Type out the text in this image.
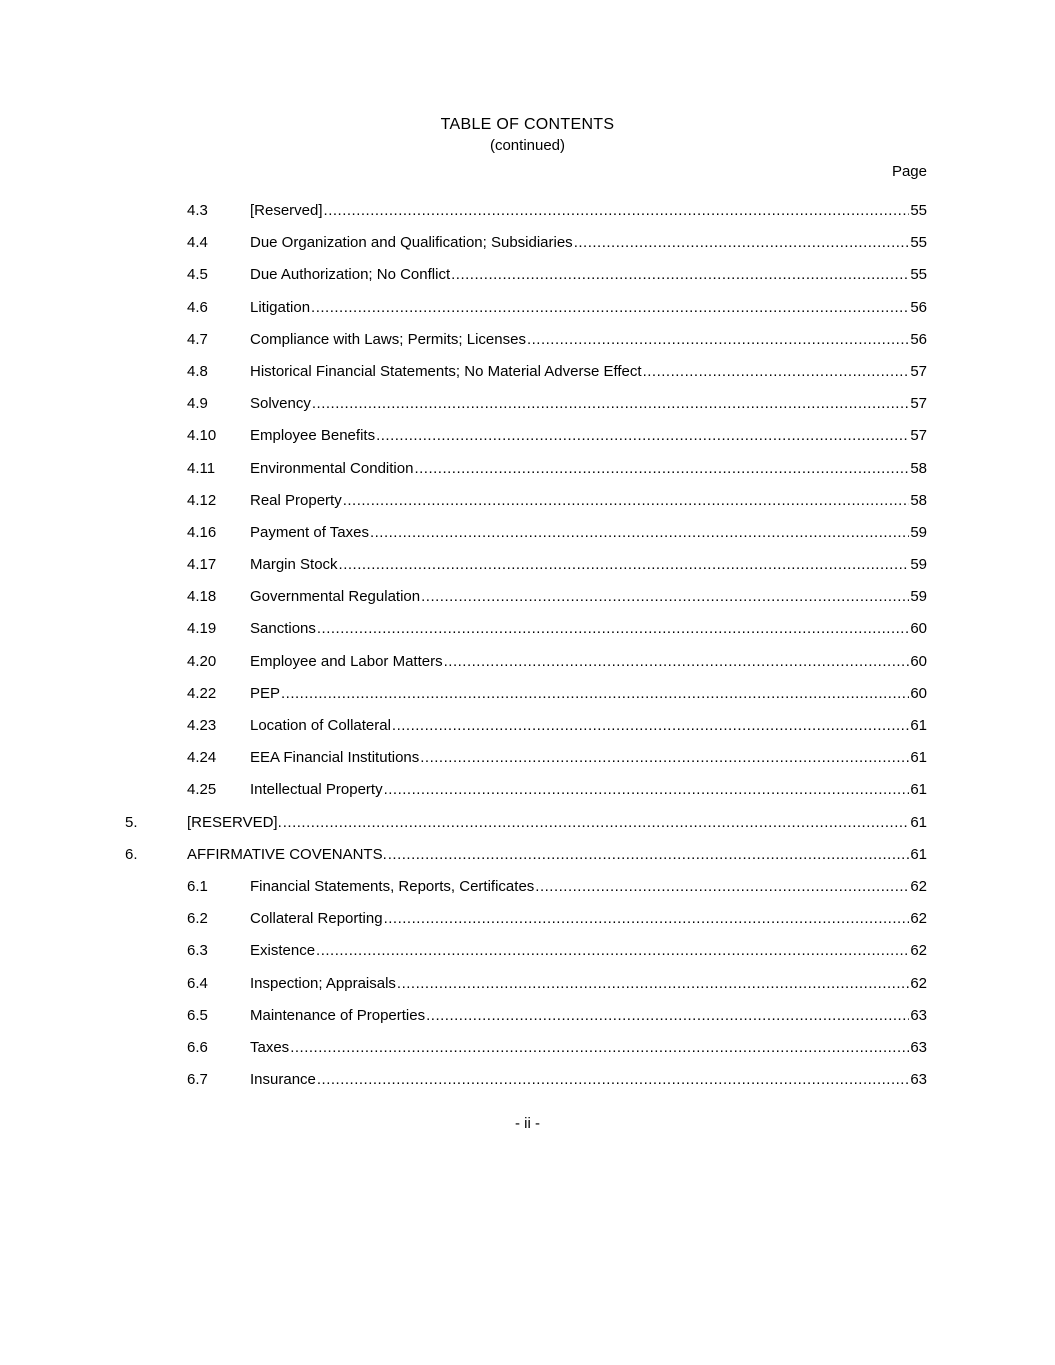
TABLE OF CONTENTS
(continued)
Page
4.3	[Reserved] .....	55
4.4	Due Organization and Qualification; Subsidiaries .....	55
4.5	Due Authorization; No Conflict .....	55
4.6	Litigation .....	56
4.7	Compliance with Laws; Permits; Licenses .....	56
4.8	Historical Financial Statements; No Material Adverse Effect .....	57
4.9	Solvency .....	57
4.10	Employee Benefits .....	57
4.11	Environmental Condition .....	58
4.12	Real Property .....	58
4.16	Payment of Taxes .....	59
4.17	Margin Stock .....	59
4.18	Governmental Regulation .....	59
4.19	Sanctions .....	60
4.20	Employee and Labor Matters .....	60
4.22	PEP .....	60
4.23	Location of Collateral .....	61
4.24	EEA Financial Institutions .....	61
4.25	Intellectual Property .....	61
5.	[RESERVED]. .....	61
6.	AFFIRMATIVE COVENANTS. .....	61
6.1	Financial Statements, Reports, Certificates .....	62
6.2	Collateral Reporting .....	62
6.3	Existence .....	62
6.4	Inspection; Appraisals .....	62
6.5	Maintenance of Properties .....	63
6.6	Taxes .....	63
6.7	Insurance .....	63
- ii -
